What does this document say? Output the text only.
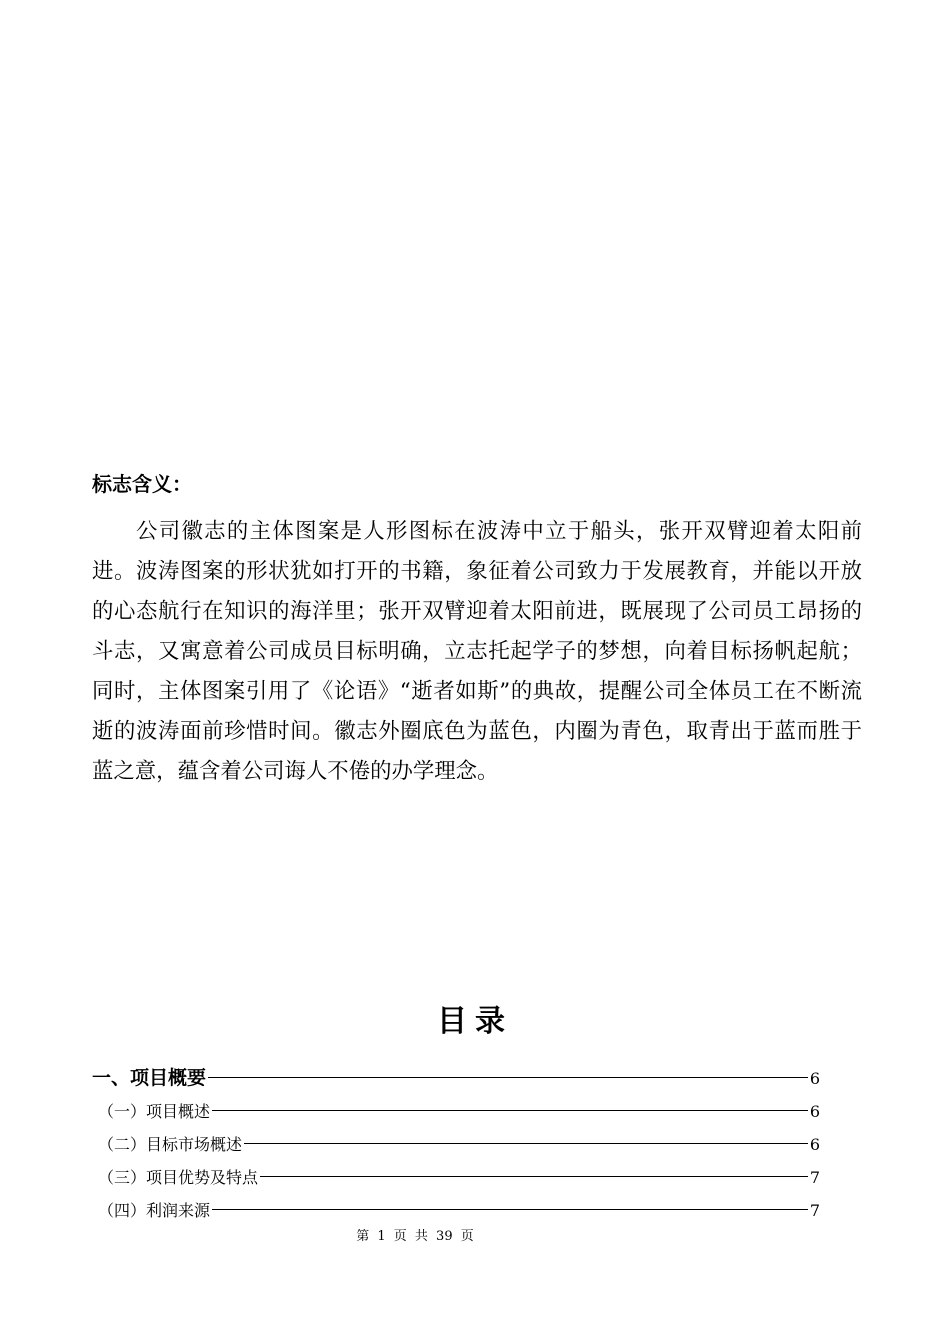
标志含义：

公司徽志的主体图案是人形图标在波涛中立于船头，张开双臂迎着太阳前进。波涛图案的形状犹如打开的书籍，象征着公司致力于发展教育，并能以开放的心态航行在知识的海洋里；张开双臂迎着太阳前进，既展现了公司员工昂扬的斗志，又寓意着公司成员目标明确，立志托起学子的梦想，向着目标扬帆起航；同时，主体图案引用了《论语》“逝者如斯”的典故，提醒公司全体员工在不断流逝的波涛面前珍惜时间。徽志外圈底色为蓝色，内圈为青色，取青出于蓝而胜于蓝之意，蕴含着公司诲人不倦的办学理念。

目录
一、项目概要	6
（一）项目概述	6
（二）目标市场概述	6
（三）项目优势及特点	7
（四）利润来源	7
第 1 页 共 39 页
